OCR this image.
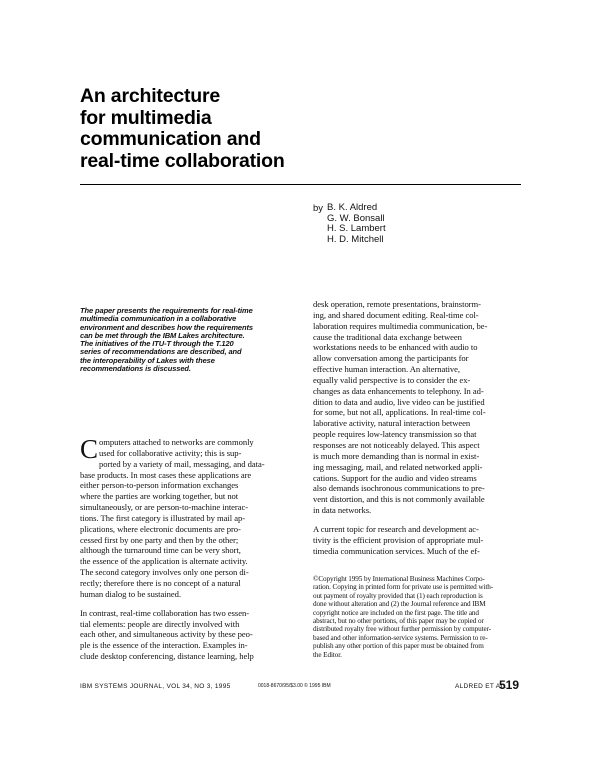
An architecture
for multimedia
communication and
real-time collaboration
by B. K. Aldred
G. W. Bonsall
H. S. Lambert
H. D. Mitchell
The paper presents the requirements for real-time
multimedia communication in a collaborative
environment and describes how the requirements
can be met through the IBM Lakes architecture.
The initiatives of the ITU-T through the T.120
series of recommendations are described, and
the interoperability of Lakes with these
recommendations is discussed.
C omputers attached to networks are commonly
used for collaborative activity; this is sup-
ported by a variety of mail, messaging, and data-
base products. In most cases these applications are
either person-to-person information exchanges
where the parties are working together, but not
simultaneously, or are person-to-machine interac-
tions. The first category is illustrated by mail ap-
plications, where electronic documents are pro-
cessed first by one party and then by the other;
although the turnaround time can be very short,
the essence of the application is alternate activity.
The second category involves only one person di-
rectly; therefore there is no concept of a natural
human dialog to be sustained.
In contrast, real-time collaboration has two essen-
tial elements: people are directly involved with
each other, and simultaneous activity by these peo-
ple is the essence of the interaction. Examples in-
clude desktop conferencing, distance learning, help
desk operation, remote presentations, brainstorm-
ing, and shared document editing. Real-time col-
laboration requires multimedia communication, be-
cause the traditional data exchange between
workstations needs to be enhanced with audio to
allow conversation among the participants for
effective human interaction. An alternative,
equally valid perspective is to consider the ex-
changes as data enhancements to telephony. In ad-
dition to data and audio, live video can be justified
for some, but not all, applications. In real-time col-
laborative activity, natural interaction between
people requires low-latency transmission so that
responses are not noticeably delayed. This aspect
is much more demanding than is normal in exist-
ing messaging, mail, and related networked appli-
cations. Support for the audio and video streams
also demands isochronous communications to pre-
vent distortion, and this is not commonly available
in data networks.
A current topic for research and development ac-
tivity is the efficient provision of appropriate mul-
timedia communication services. Much of the ef-
©Copyright 1995 by International Business Machines Corpo-
ration. Copying in printed form for private use is permitted with-
out payment of royalty provided that (1) each reproduction is
done without alteration and (2) the Journal reference and IBM
copyright notice are included on the first page. The title and
abstract, but no other portions, of this paper may be copied or
distributed royalty free without further permission by computer-
based and other information-service systems. Permission to re-
publish any other portion of this paper must be obtained from
the Editor.
IBM SYSTEMS JOURNAL, VOL 34, NO 3, 1995	0018-8670/95/$3.00 © 1995 IBM	ALDRED ET AL.
519
